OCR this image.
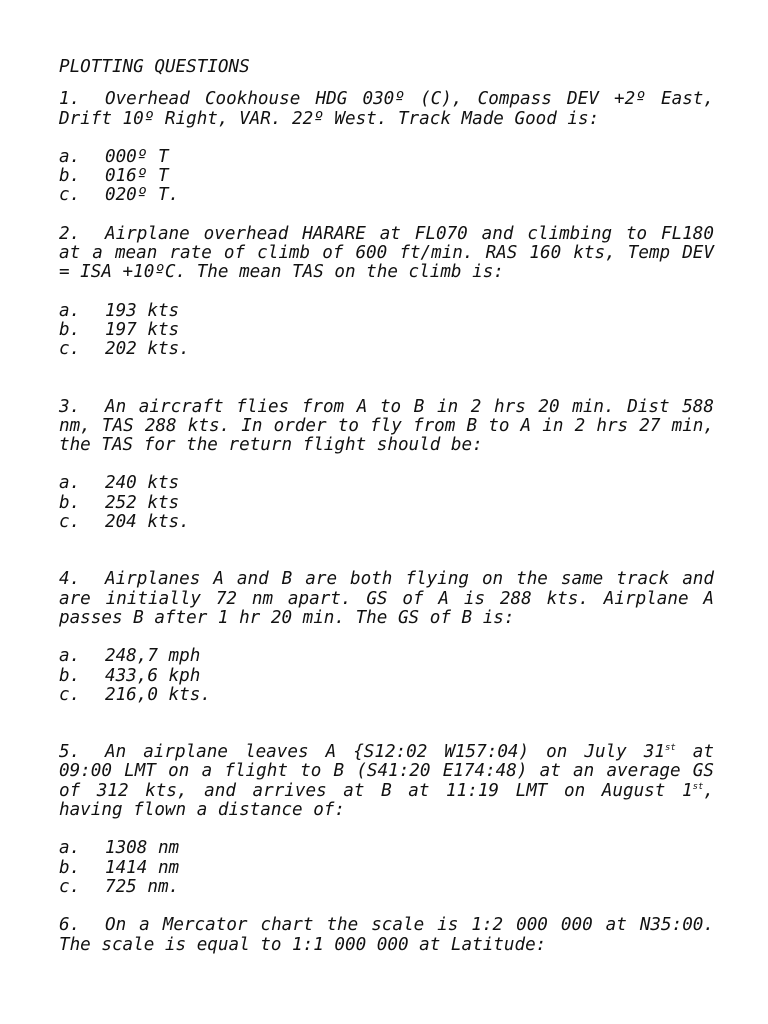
PLOTTING QUESTIONS

1. Overhead Cookhouse HDG 030º (C), Compass DEV +2º East, Drift 10º Right, VAR. 22º West. Track Made Good is:

a. 000º T
b. 016º T
c. 020º T.

2. Airplane overhead HARARE at FL070 and climbing to FL180 at a mean rate of climb of 600 ft/min. RAS 160 kts, Temp DEV = ISA +10ºC. The mean TAS on the climb is:

a. 193 kts
b. 197 kts
c. 202 kts.

3. An aircraft flies from A to B in 2 hrs 20 min. Dist 588 nm, TAS 288 kts. In order to fly from B to A in 2 hrs 27 min, the TAS for the return flight should be:

a. 240 kts
b. 252 kts
c. 204 kts.

4. Airplanes A and B are both flying on the same track and are initially 72 nm apart. GS of A is 288 kts. Airplane A passes B after 1 hr 20 min. The GS of B is:

a. 248,7 mph
b. 433,6 kph
c. 216,0 kts.

5. An airplane leaves A {S12:02 W157:04) on July 31st at 09:00 LMT on a flight to B (S41:20 E174:48) at an average GS of 312 kts, and arrives at B at 11:19 LMT on August 1st, having flown a distance of:

a. 1308 nm
b. 1414 nm
c. 725 nm.

6. On a Mercator chart the scale is 1:2 000 000 at N35:00. The scale is equal to 1:1 000 000 at Latitude:
